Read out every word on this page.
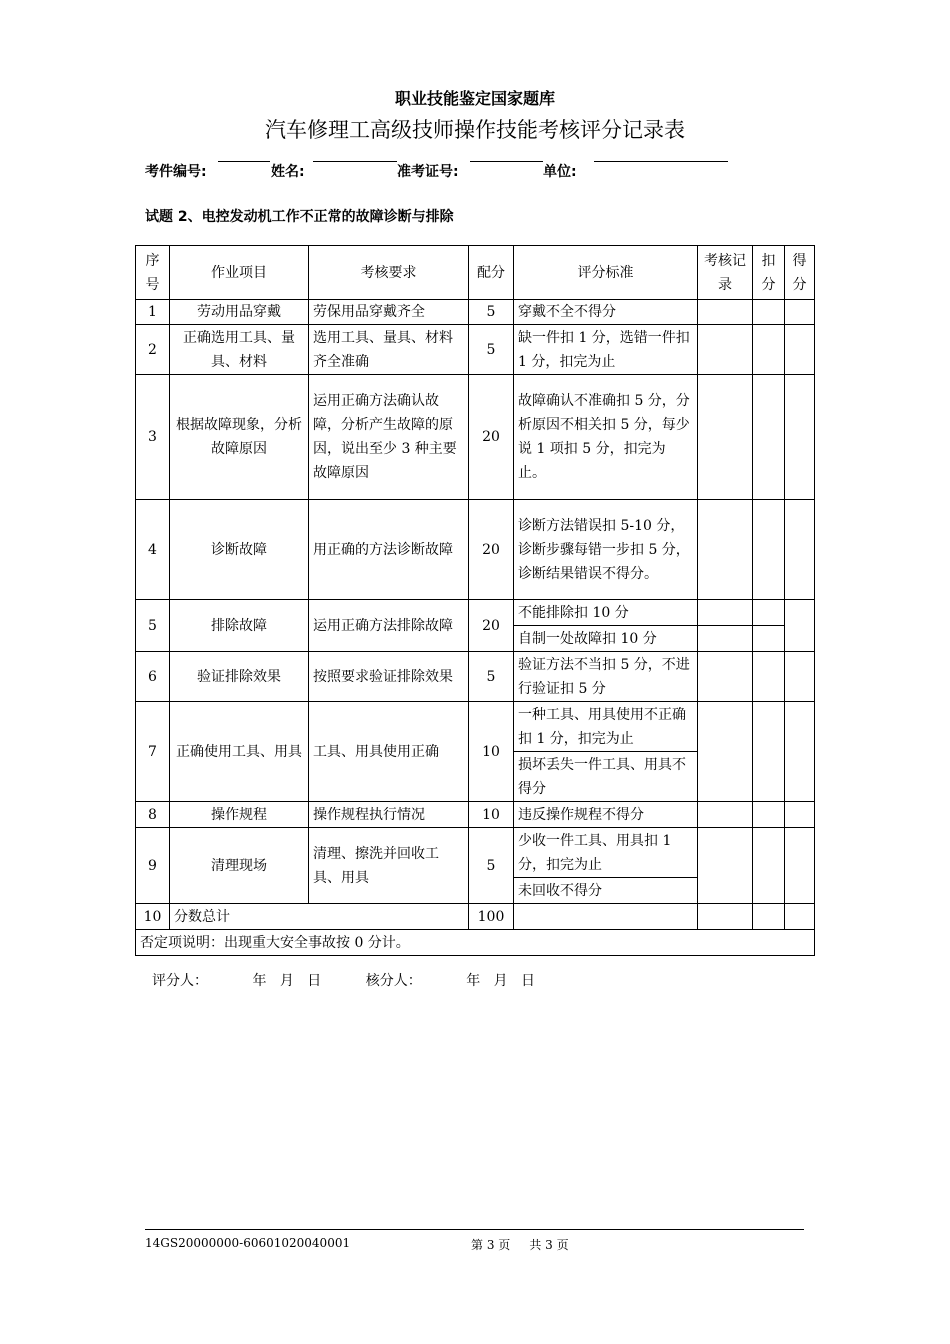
职业技能鉴定国家题库
汽车修理工高级技师操作技能考核评分记录表
考件编号:	姓名:	准考证号:	单位:
试题 2、电控发动机工作不正常的故障诊断与排除
序号	作业项目	考核要求	配分	评分标准	考核记录	扣分	得分
1	劳动用品穿戴	劳保用品穿戴齐全	5	穿戴不全不得分			
2	正确选用工具、量具、材料	选用工具、量具、材料齐全准确	5	缺一件扣 1 分，选错一件扣 1 分，扣完为止			
3	根据故障现象，分析故障原因	运用正确方法确认故障，分析产生故障的原因，说出至少 3 种主要故障原因	20	故障确认不准确扣 5 分，分析原因不相关扣 5 分，每少说 1 项扣 5 分，扣完为止。			
4	诊断故障	用正确的方法诊断故障	20	诊断方法错误扣 5-10 分，诊断步骤每错一步扣 5 分，诊断结果错误不得分。			
5	排除故障	运用正确方法排除故障	20	不能排除扣 10 分			
				自制一处故障扣 10 分			
6	验证排除效果	按照要求验证排除效果	5	验证方法不当扣 5 分，不进行验证扣 5 分			
7	正确使用工具、用具	工具、用具使用正确	10	一种工具、用具使用不正确扣 1 分，扣完为止			
				损坏丢失一件工具、用具不得分			
8	操作规程	操作规程执行情况	10	违反操作规程不得分			
9	清理现场	清理、擦洗并回收工具、用具	5	少收一件工具、用具扣 1 分，扣完为止			
				未回收不得分			
10	分数总计		100				
否定项说明：出现重大安全事故按 0 分计。							
评分人：	年   月   日	核分人：	年   月   日
14GS20000000-60601020040001	第 3 页     共 3 页
